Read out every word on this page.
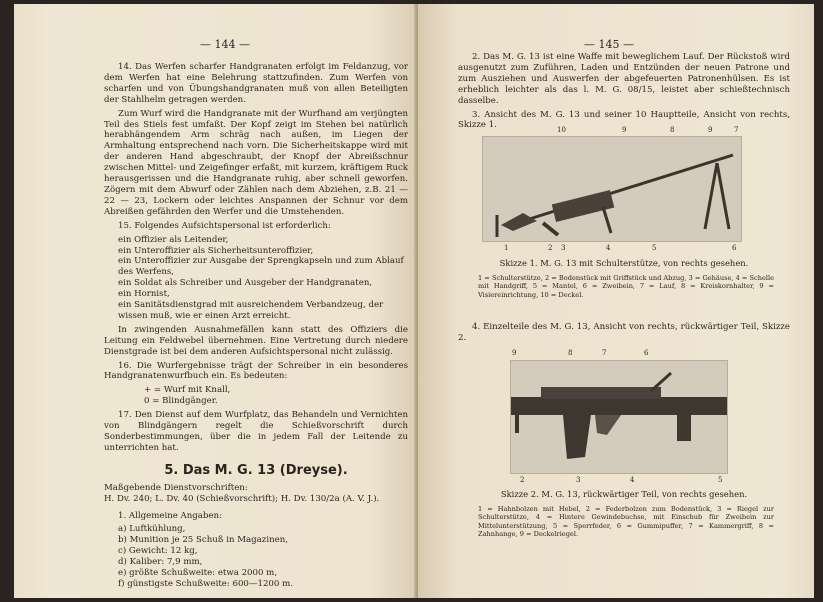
— 144 —

14. Das Werfen scharfer Handgranaten erfolgt im Feldanzug, vor dem Werfen hat eine Belehrung stattzufinden. Zum Werfen von scharfen und von Übungshandgranaten muß von allen Beteiligten der Stahlhelm getragen werden.

Zum Wurf wird die Handgranate mit der Wurfhand am verjüngten Teil des Stiels fest umfaßt. Der Kopf zeigt im Stehen bei natürlich herabhängendem Arm schräg nach außen, im Liegen der Armhaltung entsprechend nach vorn. Die Sicherheitskappe wird mit der anderen Hand abgeschraubt, der Knopf der Abreißschnur zwischen Mittel- und Zeigefinger erfaßt, mit kurzem, kräftigem Ruck herausgerissen und die Handgranate ruhig, aber schnell geworfen. Zögern mit dem Abwurf oder Zählen nach dem Abziehen, z.B. 21 — 22 — 23, Lockern oder leichtes Anspannen der Schnur vor dem Abreißen gefährden den Werfer und die Umstehenden.

15. Folgendes Aufsichtspersonal ist erforderlich:

ein Offizier als Leitender,
ein Unteroffizier als Sicherheitsunteroffizier,
ein Unteroffizier zur Ausgabe der Sprengkapseln und zum Ablauf des Werfens,
ein Soldat als Schreiber und Ausgeber der Handgranaten,
ein Hornist,
ein Sanitätsdienstgrad mit ausreichendem Verbandzeug, der wissen muß, wie er einen Arzt erreicht.

In zwingenden Ausnahmefällen kann statt des Offiziers die Leitung ein Feldwebel übernehmen. Eine Vertretung durch niedere Dienstgrade ist bei dem anderen Aufsichtspersonal nicht zulässig.

16. Die Wurfergebnisse trägt der Schreiber in ein besonderes Handgranatenwurfbuch ein. Es bedeuten:

+ = Wurf mit Knall,

0 = Blindgänger.

17. Den Dienst auf dem Wurfplatz, das Behandeln und Vernichten von Blindgängern regelt die Schießvorschrift durch Sonderbestimmungen, über die in jedem Fall der Leitende zu unterrichten hat.

5. Das M. G. 13 (Dreyse).

Maßgebende Dienstvorschriften:

H. Dv. 240; L. Dv. 40 (Schießvorschrift); H. Dv. 130/2a (A. V. J.).

1. Allgemeine Angaben:

a) Luftkühlung,
b) Munition je 25 Schuß in Magazinen,
c) Gewicht: 12 kg,
d) Kaliber: 7,9 mm,
e) größte Schußweite: etwa 2000 m,
f) günstigste Schußweite: 600—1200 m.
— 145 —

2. Das M. G. 13 ist eine Waffe mit beweglichem Lauf. Der Rückstoß wird ausgenutzt zum Zuführen, Laden und Entzünden der neuen Patrone und zum Ausziehen und Auswerfen der abgefeuerten Patronenhülsen. Es ist erheblich leichter als das l. M. G. 08/15, leistet aber schießtechnisch dasselbe.

3. Ansicht des M. G. 13 und seiner 10 Hauptteile, Ansicht von rechts, Skizze 1.	10	9	8	9	7
1	2 3	4	5	6
Skizze 1. M. G. 13 mit Schulterstütze, von rechts gesehen.
1 = Schulterstütze, 2 = Bodenstück mit Griffstück und Abzug, 3 = Gehäuse, 4 = Schelle mit Handgriff, 5 = Mantel, 6 = Zweibein, 7 = Lauf, 8 = Kreiskornhalter, 9 = Visiereinrichtung, 10 = Deckel.

4. Einzelteile des M. G. 13, Ansicht von rechts, rückwärtiger Teil, Skizze 2.

9	8	7	6
2	3	4	5
Skizze 2. M. G. 13, rückwärtiger Teil, von rechts gesehen.
1 = Hahnbolzen mit Hebel, 2 = Federbolzen zum Bodenstück, 3 = Riegel zur Schulterstütze, 4 = Hintere Gewindebuchse, mit Einschub für Zweibein zur Mittelunterstützung, 5 = Sperrfeder, 6 = Gummipuffer, 7 = Kammergriff, 8 = Zahnhange, 9 = Deckelriegel.
